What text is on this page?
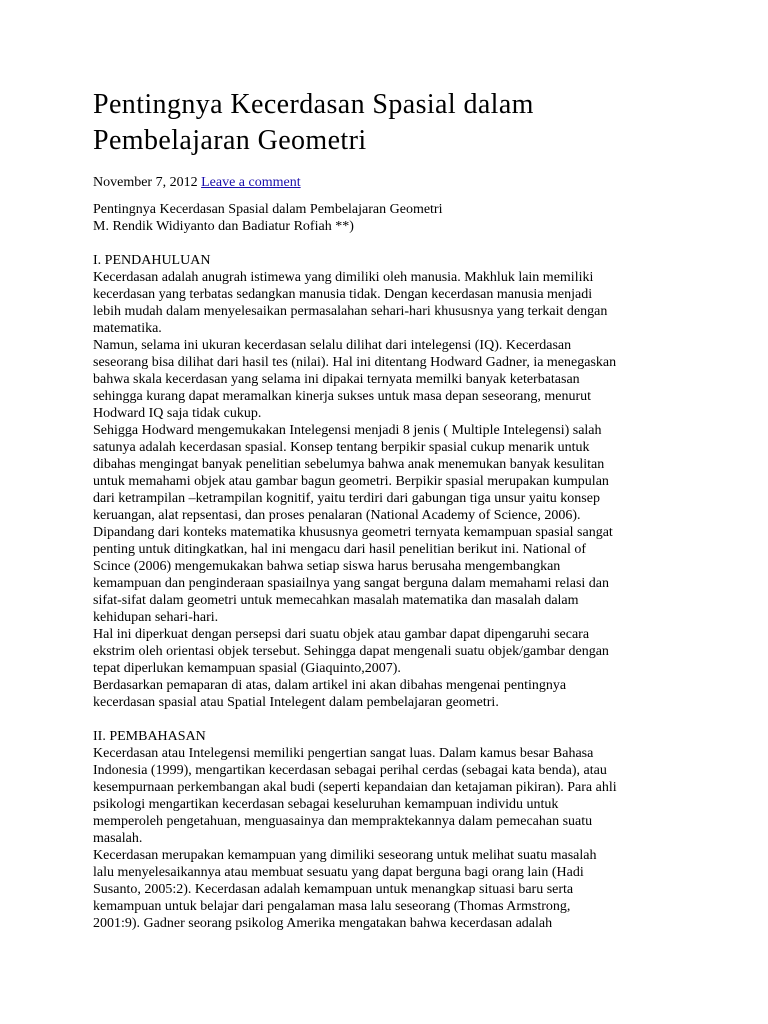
Pentingnya Kecerdasan Spasial dalam
Pembelajaran Geometri

November 7, 2012 Leave a comment

Pentingnya Kecerdasan Spasial dalam Pembelajaran Geometri

M. Rendik Widiyanto dan Badiatur Rofiah **)

I. PENDAHULUAN

Kecerdasan adalah anugrah istimewa yang dimiliki oleh manusia. Makhluk lain memiliki

kecerdasan yang terbatas sedangkan manusia tidak. Dengan kecerdasan manusia menjadi

lebih mudah dalam menyelesaikan permasalahan sehari-hari khususnya yang terkait dengan

matematika.

Namun, selama ini ukuran kecerdasan selalu dilihat dari intelegensi (IQ). Kecerdasan

seseorang bisa dilihat dari hasil tes (nilai). Hal ini ditentang Hodward Gadner, ia menegaskan

bahwa skala kecerdasan yang selama ini dipakai ternyata memilki banyak keterbatasan

sehingga kurang dapat meramalkan kinerja sukses untuk masa depan seseorang, menurut

Hodward IQ saja tidak cukup.

Sehigga Hodward mengemukakan Intelegensi menjadi 8 jenis ( Multiple Intelegensi) salah

satunya adalah kecerdasan spasial. Konsep tentang berpikir spasial cukup menarik untuk

dibahas mengingat banyak penelitian sebelumya bahwa anak menemukan banyak kesulitan

untuk memahami objek atau gambar bagun geometri. Berpikir spasial merupakan kumpulan

dari ketrampilan –ketrampilan kognitif, yaitu terdiri dari gabungan tiga unsur yaitu konsep

keruangan, alat repsentasi, dan proses penalaran (National Academy of Science, 2006).

Dipandang dari konteks matematika khususnya geometri ternyata kemampuan spasial sangat

penting untuk ditingkatkan, hal ini mengacu dari hasil penelitian berikut ini. National of

Scince (2006) mengemukakan bahwa setiap siswa harus berusaha mengembangkan

kemampuan dan penginderaan spasiailnya yang sangat berguna dalam memahami relasi dan

sifat-sifat dalam geometri untuk memecahkan masalah matematika dan masalah dalam

kehidupan sehari-hari.

Hal ini diperkuat dengan persepsi dari suatu objek atau gambar dapat dipengaruhi secara

ekstrim oleh orientasi objek tersebut. Sehingga dapat mengenali suatu objek/gambar dengan

tepat diperlukan kemampuan spasial (Giaquinto,2007).

Berdasarkan pemaparan di atas, dalam artikel ini akan dibahas mengenai pentingnya

kecerdasan spasial atau Spatial Intelegent dalam pembelajaran geometri.

II. PEMBAHASAN

Kecerdasan atau Intelegensi memiliki pengertian sangat luas. Dalam kamus besar Bahasa

Indonesia (1999), mengartikan kecerdasan sebagai perihal cerdas (sebagai kata benda), atau

kesempurnaan perkembangan akal budi (seperti kepandaian dan ketajaman pikiran). Para ahli

psikologi mengartikan kecerdasan sebagai keseluruhan kemampuan individu untuk

memperoleh pengetahuan, menguasainya dan mempraktekannya dalam pemecahan suatu

masalah.

Kecerdasan merupakan kemampuan yang dimiliki seseorang untuk melihat suatu masalah

lalu menyelesaikannya atau membuat sesuatu yang dapat berguna bagi orang lain (Hadi

Susanto, 2005:2). Kecerdasan adalah kemampuan untuk menangkap situasi baru serta

kemampuan untuk belajar dari pengalaman masa lalu seseorang (Thomas Armstrong,

2001:9). Gadner seorang psikolog Amerika mengatakan bahwa kecerdasan adalah
